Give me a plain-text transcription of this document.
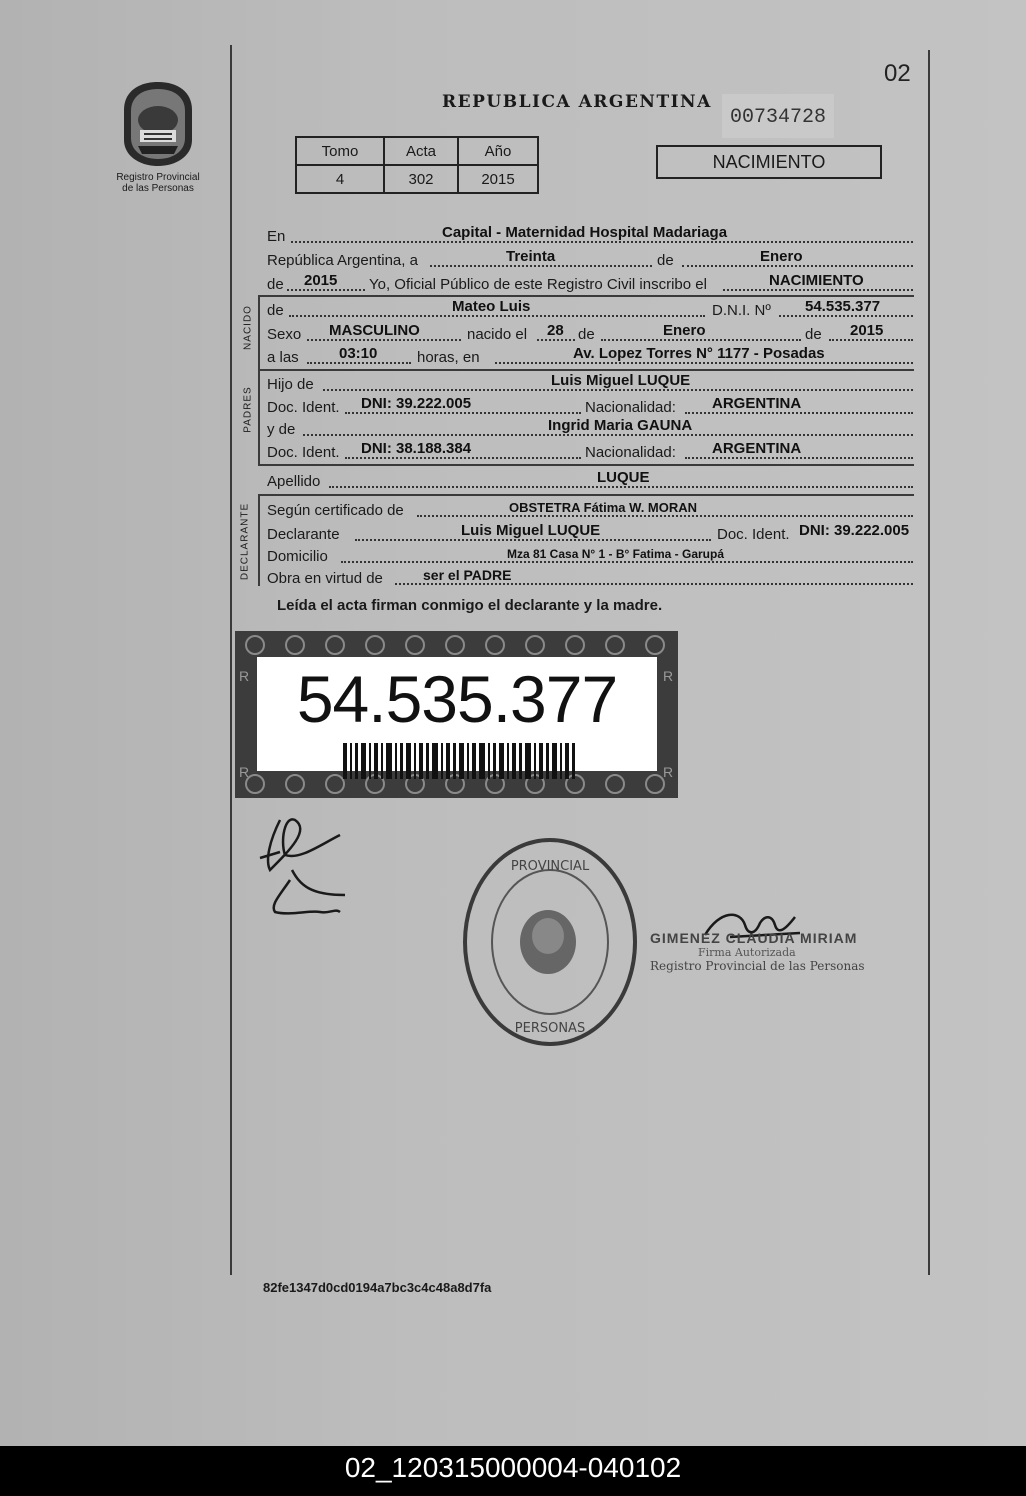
02
Registro Provincial
de las Personas
REPUBLICA ARGENTINA
00734728
Tomo	Acta	Año
4	302	2015
NACIMIENTO
En	Capital - Maternidad Hospital Madariaga
República Argentina, a	Treinta	de	Enero
de 2015 Yo, Oficial Público de este Registro Civil inscribo el	NACIMIENTO
NACIDO de	Mateo Luis	D.N.I. Nº 54.535.377
Sexo MASCULINO	nacido el 28 de	Enero	de 2015
a las	03:10	horas, en	Av. Lopez Torres N° 1177 - Posadas
PADRES
Hijo de	Luis Miguel LUQUE
Doc. Ident. DNI: 39.222.005	Nacionalidad: ARGENTINA
y de	Ingrid Maria GAUNA
Doc. Ident. DNI: 38.188.384	Nacionalidad: ARGENTINA
Apellido	LUQUE
DECLARANTE Según certificado de	OBSTETRA Fátima W. MORAN
Declarante	Luis Miguel LUQUE	Doc. Ident. DNI: 39.222.005
Domicilio	Mza 81 Casa N° 1 - B° Fatima - Garupá
Obra en virtud de	ser el PADRE
Leída el acta firman conmigo el declarante y la madre.
R
R
R
R
54.535.377
PROVINCIAL
PERSONAS
GIMENEZ CLAUDIA MIRIAM
Firma Autorizada
Registro Provincial de las Personas
82fe1347d0cd0194a7bc3c4c48a8d7fa
02_120315000004-040102
